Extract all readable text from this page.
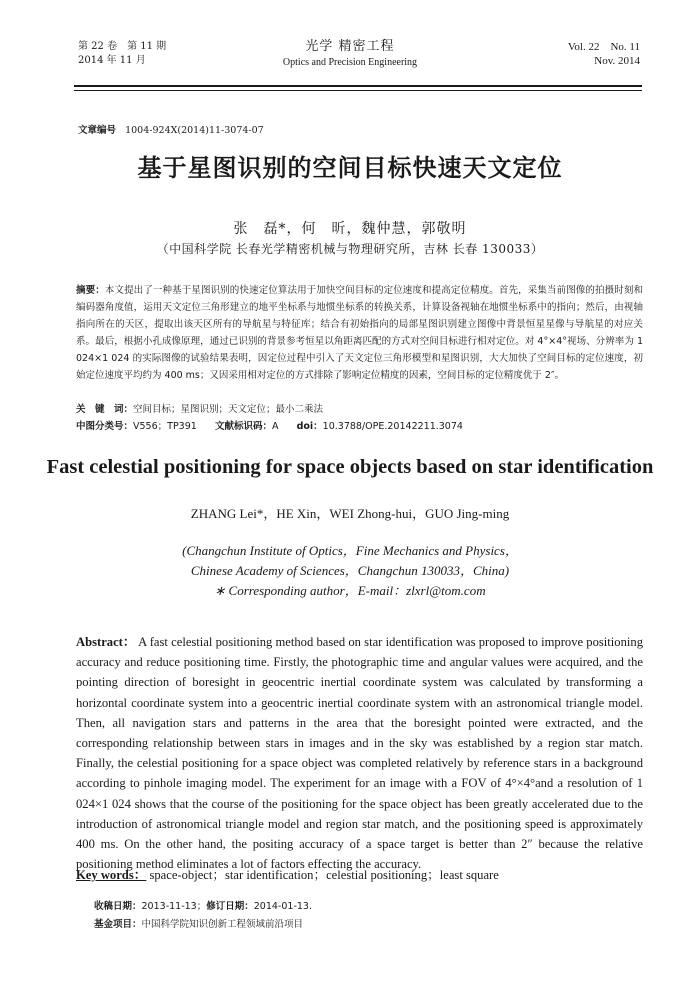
第 22 卷　第 11 期
2014 年 11 月
光学 精密工程
Optics and Precision Engineering
Vol. 22　No. 11
Nov. 2014
文章编号 1004-924X(2014)11-3074-07
基于星图识别的空间目标快速天文定位
张　磊*，何　昕，魏仲慧，郭敬明
（中国科学院 长春光学精密机械与物理研究所，吉林 长春 130033）
摘要：本文提出了一种基于星图识别的快速定位算法用于加快空间目标的定位速度和提高定位精度。首先，采集当前图像的拍摄时刻和编码器角度值，运用天文定位三角形建立的地平坐标系与地惯坐标系的转换关系，计算设备视轴在地惯坐标系中的指向；然后，由视轴指向所在的天区，提取出该天区所有的导航星与特征库；结合有初始指向的局部星图识别建立图像中背景恒星星像与导航星的对应关系。最后，根据小孔成像原理，通过已识别的背景参考恒星以角距离匹配的方式对空间目标进行相对定位。对 4°×4°视场、分辨率为 1 024×1 024 的实际图像的试验结果表明，因定位过程中引入了天文定位三角形模型和星图识别，大大加快了空间目标的定位速度，初始定位速度平均约为 400 ms；又因采用相对定位的方式排除了影响定位精度的因素，空间目标的定位精度优于 2″。
关　键　词：空间目标；星图识别；天文定位；最小二乘法
中图分类号：V556；TP391 文献标识码：A doi：10.3788/OPE.20142211.3074
Fast celestial positioning for space objects based on star identification
ZHANG Lei*，HE Xin，WEI Zhong-hui，GUO Jing-ming
(Changchun Institute of Optics，Fine Mechanics and Physics，
Chinese Academy of Sciences，Changchun 130033，China)
∗ Corresponding author，E-mail：zlxrl@tom.com
Abstract： A fast celestial positioning method based on star identification was proposed to improve positioning accuracy and reduce positioning time. Firstly, the photographic time and angular values were acquired, and the pointing direction of boresight in geocentric inertial coordinate system was calculated by transforming a horizontal coordinate system into a geocentric inertial coordinate system with an astronomical triangle model. Then, all navigation stars and patterns in the area that the boresight pointed were extracted, and the corresponding relationship between stars in images and in the sky was established by a region star match. Finally, the celestial positioning for a space object was completed relatively by reference stars in a background according to pinhole imaging model. The experiment for an image with a FOV of 4°×4°and a resolution of 1 024×1 024 shows that the course of the positioning for the space object has been greatly accelerated due to the introduction of astronomical triangle model and region star match, and the positioning speed is approximately 400 ms. On the other hand, the positing accuracy of a space target is better than 2″ because the relative positioning method eliminates a lot of factors effecting the accuracy.
Key words： space-object；star identification；celestial positioning；least square
收稿日期：2013-11-13；修订日期：2014-01-13.
基金项目：中国科学院知识创新工程领域前沿项目
